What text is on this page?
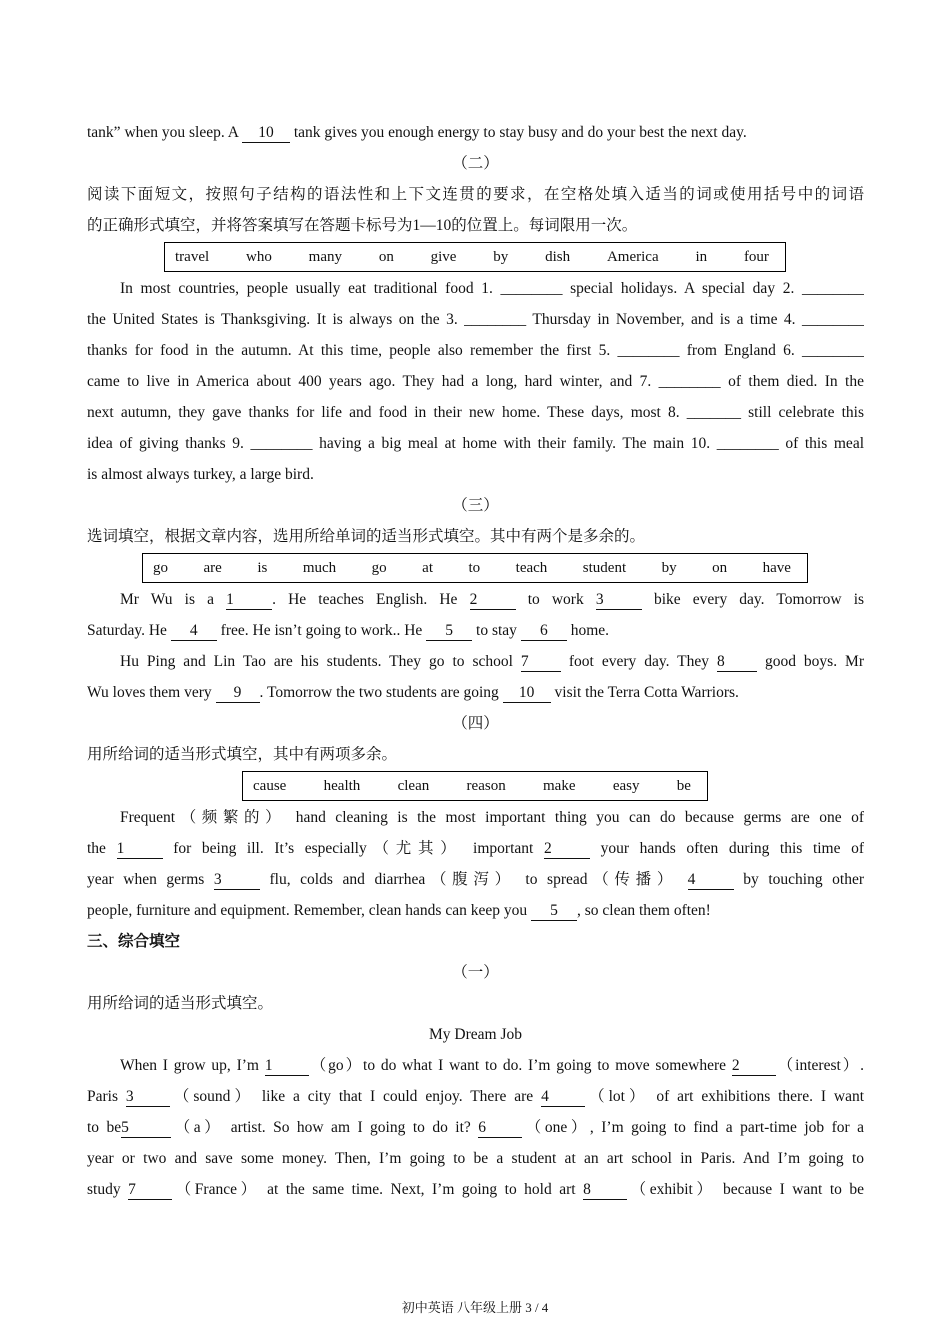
tank” when you sleep. A 10 tank gives you enough energy to stay busy and do your best the next day.
（二）
阅读下面短文，按照句子结构的语法性和上下文连贯的要求，在空格处填入适当的词或使用括号中的词语
的正确形式填空，并将答案填写在答题卡标号为1—10的位置上。每词限用一次。
travel who many on give by dish America in four
In most countries, people usually eat traditional food 1. ________ special holidays. A special day 2. ________
the United States is Thanksgiving. It is always on the 3. ________ Thursday in November, and is a time 4. ________
thanks for food in the autumn. At this time, people also remember the first 5. ________ from England 6. ________
came to live in America about 400 years ago. They had a long, hard winter, and 7. ________ of them died. In the
next autumn, they gave thanks for life and food in their new home. These days, most 8. _______ still celebrate this
idea of giving thanks 9. ________ having a big meal at home with their family. The main 10. ________ of this meal
is almost always turkey, a large bird.
（三）
选词填空，根据文章内容，选用所给单词的适当形式填空。其中有两个是多余的。
go are is much go at to teach student by on have
Mr Wu is a 1 . He teaches English. He 2	to work 3	bike every day. Tomorrow is
Saturday. He 4 free. He isn’t going to work.. He 5 to stay 6 home.
Hu Ping and Lin Tao are his students. They go to school 7	foot every day. They 8	good boys. Mr
Wu loves them very 9 . Tomorrow the two students are going 10 visit the Terra Cotta Warriors.
（四）
用所给词的适当形式填空，其中有两项多余。
cause health clean reason make easy be
Frequent（频繁的） hand cleaning is the most important thing you can do because germs are one of
the 1	for being ill. It’s especially（尤其） important 2	your hands often during this time of
year when germs 3	flu, colds and diarrhea（腹泻） to spread（传播） 4	by touching other
people, furniture and equipment. Remember, clean hands can keep you 5 , so clean them often!
三、综合填空
（一）
用所给词的适当形式填空。
My Dream Job
When I grow up, I’m 1 （go）to do what I want to do. I’m going to move somewhere 2 （interest）.
Paris 3 （sound） like a city that I could enjoy. There are 4 （lot） of art exhibitions there. I want
to be5	（a） artist. So how am I going to do it? 6 （one）, I’m going to find a part-time job for a
year or two and save some money. Then, I’m going to be a student at an art school in Paris. And I’m going to
study 7 （France） at the same time. Next, I’m going to hold art 8 （exhibit） because I want to be
初中英语 八年级上册 3 / 4
